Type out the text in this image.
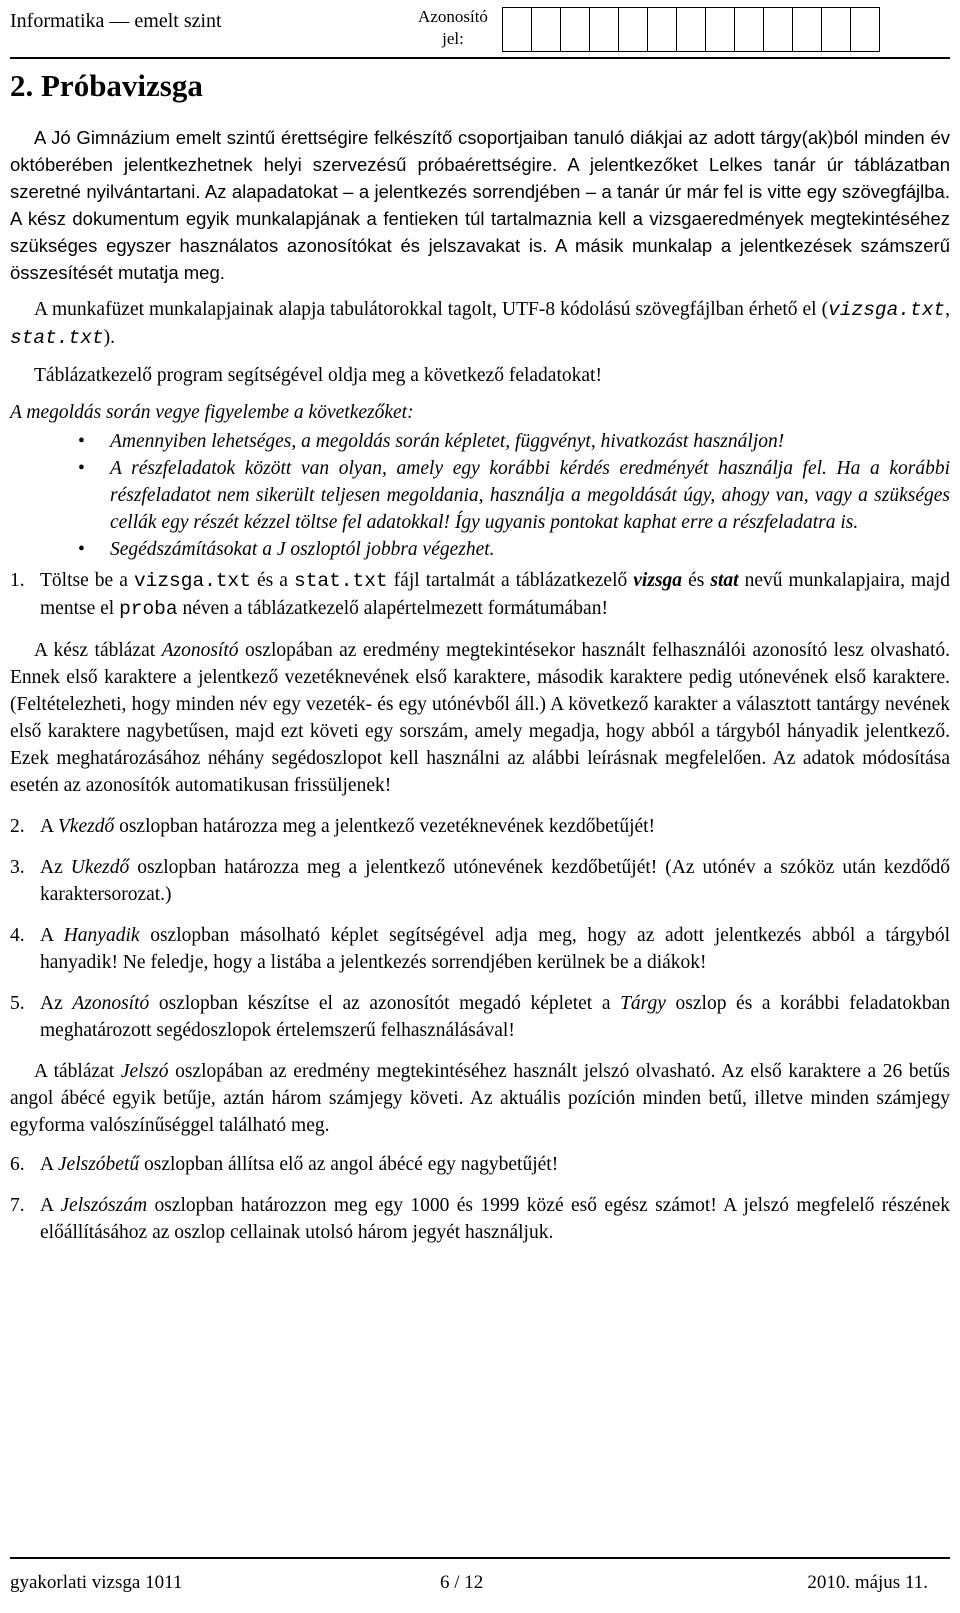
Informatika — emelt szint	Azonosító jel:
2. Próbavizsga

A Jó Gimnázium emelt szintű érettségire felkészítő csoportjaiban tanuló diákjai az adott tárgy(ak)ból minden év októberében jelentkezhetnek helyi szervezésű próbaérettségire. A jelentkezőket Lelkes tanár úr táblázatban szeretné nyilvántartani. Az alapadatokat – a jelentkezés sorrendjében – a tanár úr már fel is vitte egy szövegfájlba. A kész dokumentum egyik munkalapjának a fentieken túl tartalmaznia kell a vizsgaeredmények megtekintéséhez szükséges egyszer használatos azonosítókat és jelszavakat is. A másik munkalap a jelentkezések számszerű összesítését mutatja meg.

A munkafüzet munkalapjainak alapja tabulátorokkal tagolt, UTF-8 kódolású szövegfájlban érhető el (vizsga.txt, stat.txt).

Táblázatkezelő program segítségével oldja meg a következő feladatokat!

A megoldás során vegye figyelembe a következőket:

• Amennyiben lehetséges, a megoldás során képletet, függvényt, hivatkozást használjon!
• A részfeladatok között van olyan, amely egy korábbi kérdés eredményét használja fel. Ha a korábbi részfeladatot nem sikerült teljesen megoldania, használja a megoldását úgy, ahogy van, vagy a szükséges cellák egy részét kézzel töltse fel adatokkal! Így ugyanis pontokat kaphat erre a részfeladatra is.
• Segédszámításokat a J oszloptól jobbra végezhet.
1. Töltse be a vizsga.txt és a stat.txt fájl tartalmát a táblázatkezelő vizsga és stat nevű munkalapjaira, majd mentse el proba néven a táblázatkezelő alapértelmezett formátumában!

A kész táblázat Azonosító oszlopában az eredmény megtekintésekor használt felhasználói azonosító lesz olvasható. Ennek első karaktere a jelentkező vezetéknevének első karaktere, második karaktere pedig utónevének első karaktere. (Feltételezheti, hogy minden név egy vezeték- és egy utónévből áll.) A következő karakter a választott tantárgy nevének első karaktere nagybetűsen, majd ezt követi egy sorszám, amely megadja, hogy abból a tárgyból hányadik jelentkező. Ezek meghatározásához néhány segédoszlopot kell használni az alábbi leírásnak megfelelően. Az adatok módosítása esetén az azonosítók automatikusan frissüljenek!

2. A Vkezdő oszlopban határozza meg a jelentkező vezetéknevének kezdőbetűjét!
3. Az Ukezdő oszlopban határozza meg a jelentkező utónevének kezdőbetűjét! (Az utónév a szóköz után kezdődő karaktersorozat.)
4. A Hanyadik oszlopban másolható képlet segítségével adja meg, hogy az adott jelentkezés abból a tárgyból hanyadik! Ne feledje, hogy a listába a jelentkezés sorrendjében kerülnek be a diákok!
5. Az Azonosító oszlopban készítse el az azonosítót megadó képletet a Tárgy oszlop és a korábbi feladatokban meghatározott segédoszlopok értelemszerű felhasználásával!

A táblázat Jelszó oszlopában az eredmény megtekintéséhez használt jelszó olvasható. Az első karaktere a 26 betűs angol ábécé egyik betűje, aztán három számjegy követi. Az aktuális pozíción minden betű, illetve minden számjegy egyforma valószínűséggel található meg.

6. A Jelszóbetű oszlopban állítsa elő az angol ábécé egy nagybetűjét!
7. A Jelszószám oszlopban határozzon meg egy 1000 és 1999 közé eső egész számot! A jelszó megfelelő részének előállításához az oszlop cellainak utolsó három jegyét használjuk.
gyakorlati vizsga 1011	6 / 12	2010. május 11.
